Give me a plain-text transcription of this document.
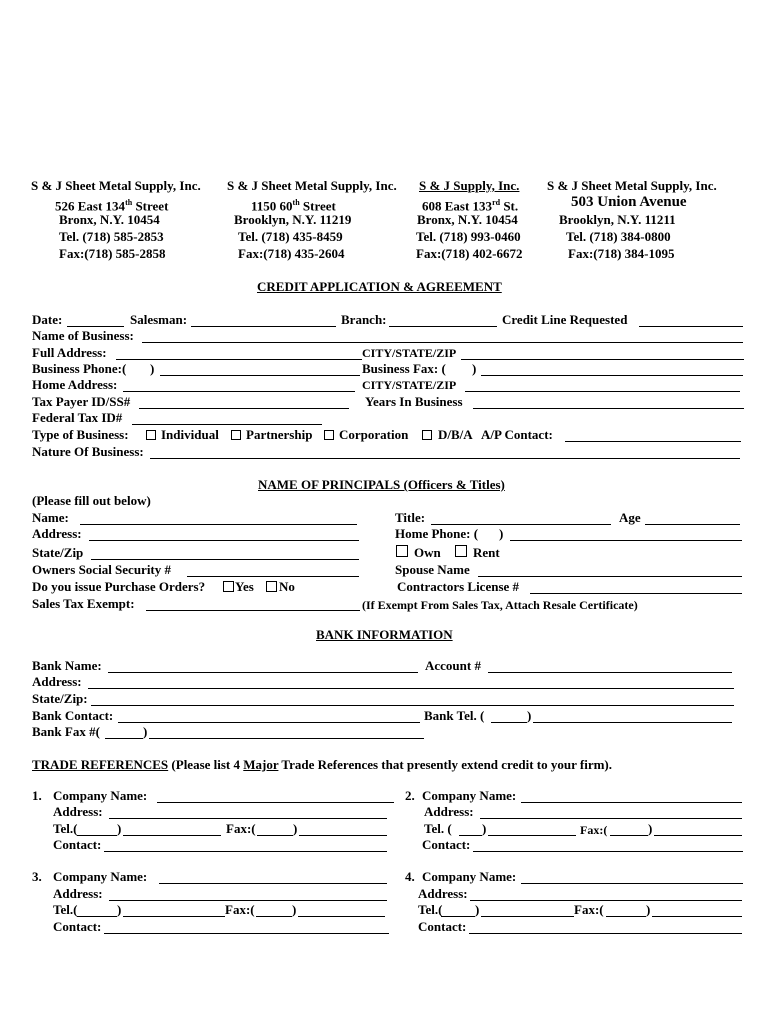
S & J Sheet Metal Supply, Inc.
526 East 134th Street
Bronx, N.Y. 10454
Tel. (718) 585-2853
Fax:(718) 585-2858
S & J Sheet Metal Supply, Inc.
1150 60th Street
Brooklyn, N.Y. 11219
Tel. (718) 435-8459
Fax:(718) 435-2604
S & J Supply, Inc.
608 East 133rd St.
Bronx, N.Y. 10454
Tel. (718) 993-0460
Fax:(718) 402-6672
S & J Sheet Metal Supply, Inc.
503 Union Avenue
Brooklyn, N.Y. 11211
Tel. (718) 384-0800
Fax:(718) 384-1095
CREDIT APPLICATION & AGREEMENT
Date:	Salesman:	Branch:	Credit Line Requested
Name of Business:
Full Address:	CITY/STATE/ZIP
Business Phone:( )	Business Fax: ( )
Home Address:	CITY/STATE/ZIP
Tax Payer ID/SS#	Years In Business
Federal Tax ID#
Type of Business: Individual Partnership Corporation D/B/A A/P Contact:
Nature Of Business:
NAME OF PRINCIPALS (Officers & Titles)
(Please fill out below)
Name:	Title:	Age
Address:	Home Phone: ( )
State/Zip	Own Rent
Owners Social Security #	Spouse Name
Do you issue Purchase Orders? Yes No	Contractors License #
Sales Tax Exempt:	(If Exempt From Sales Tax, Attach Resale Certificate)
BANK INFORMATION
Bank Name:	Account #
Address:
State/Zip:
Bank Contact:	Bank Tel. (	)
Bank Fax #(	)
TRADE REFERENCES (Please list 4 Major Trade References that presently extend credit to your firm).
1. Company Name:
Address:
Tel.(	)	Fax:(	)
Contact:
2. Company Name:
Address:
Tel. ( )	Fax:(	)
Contact:
3. Company Name:
Address:
Tel.(	)	Fax:(	)
Contact:
4. Company Name:
Address:
Tel.(	)	Fax:(	)
Contact:
